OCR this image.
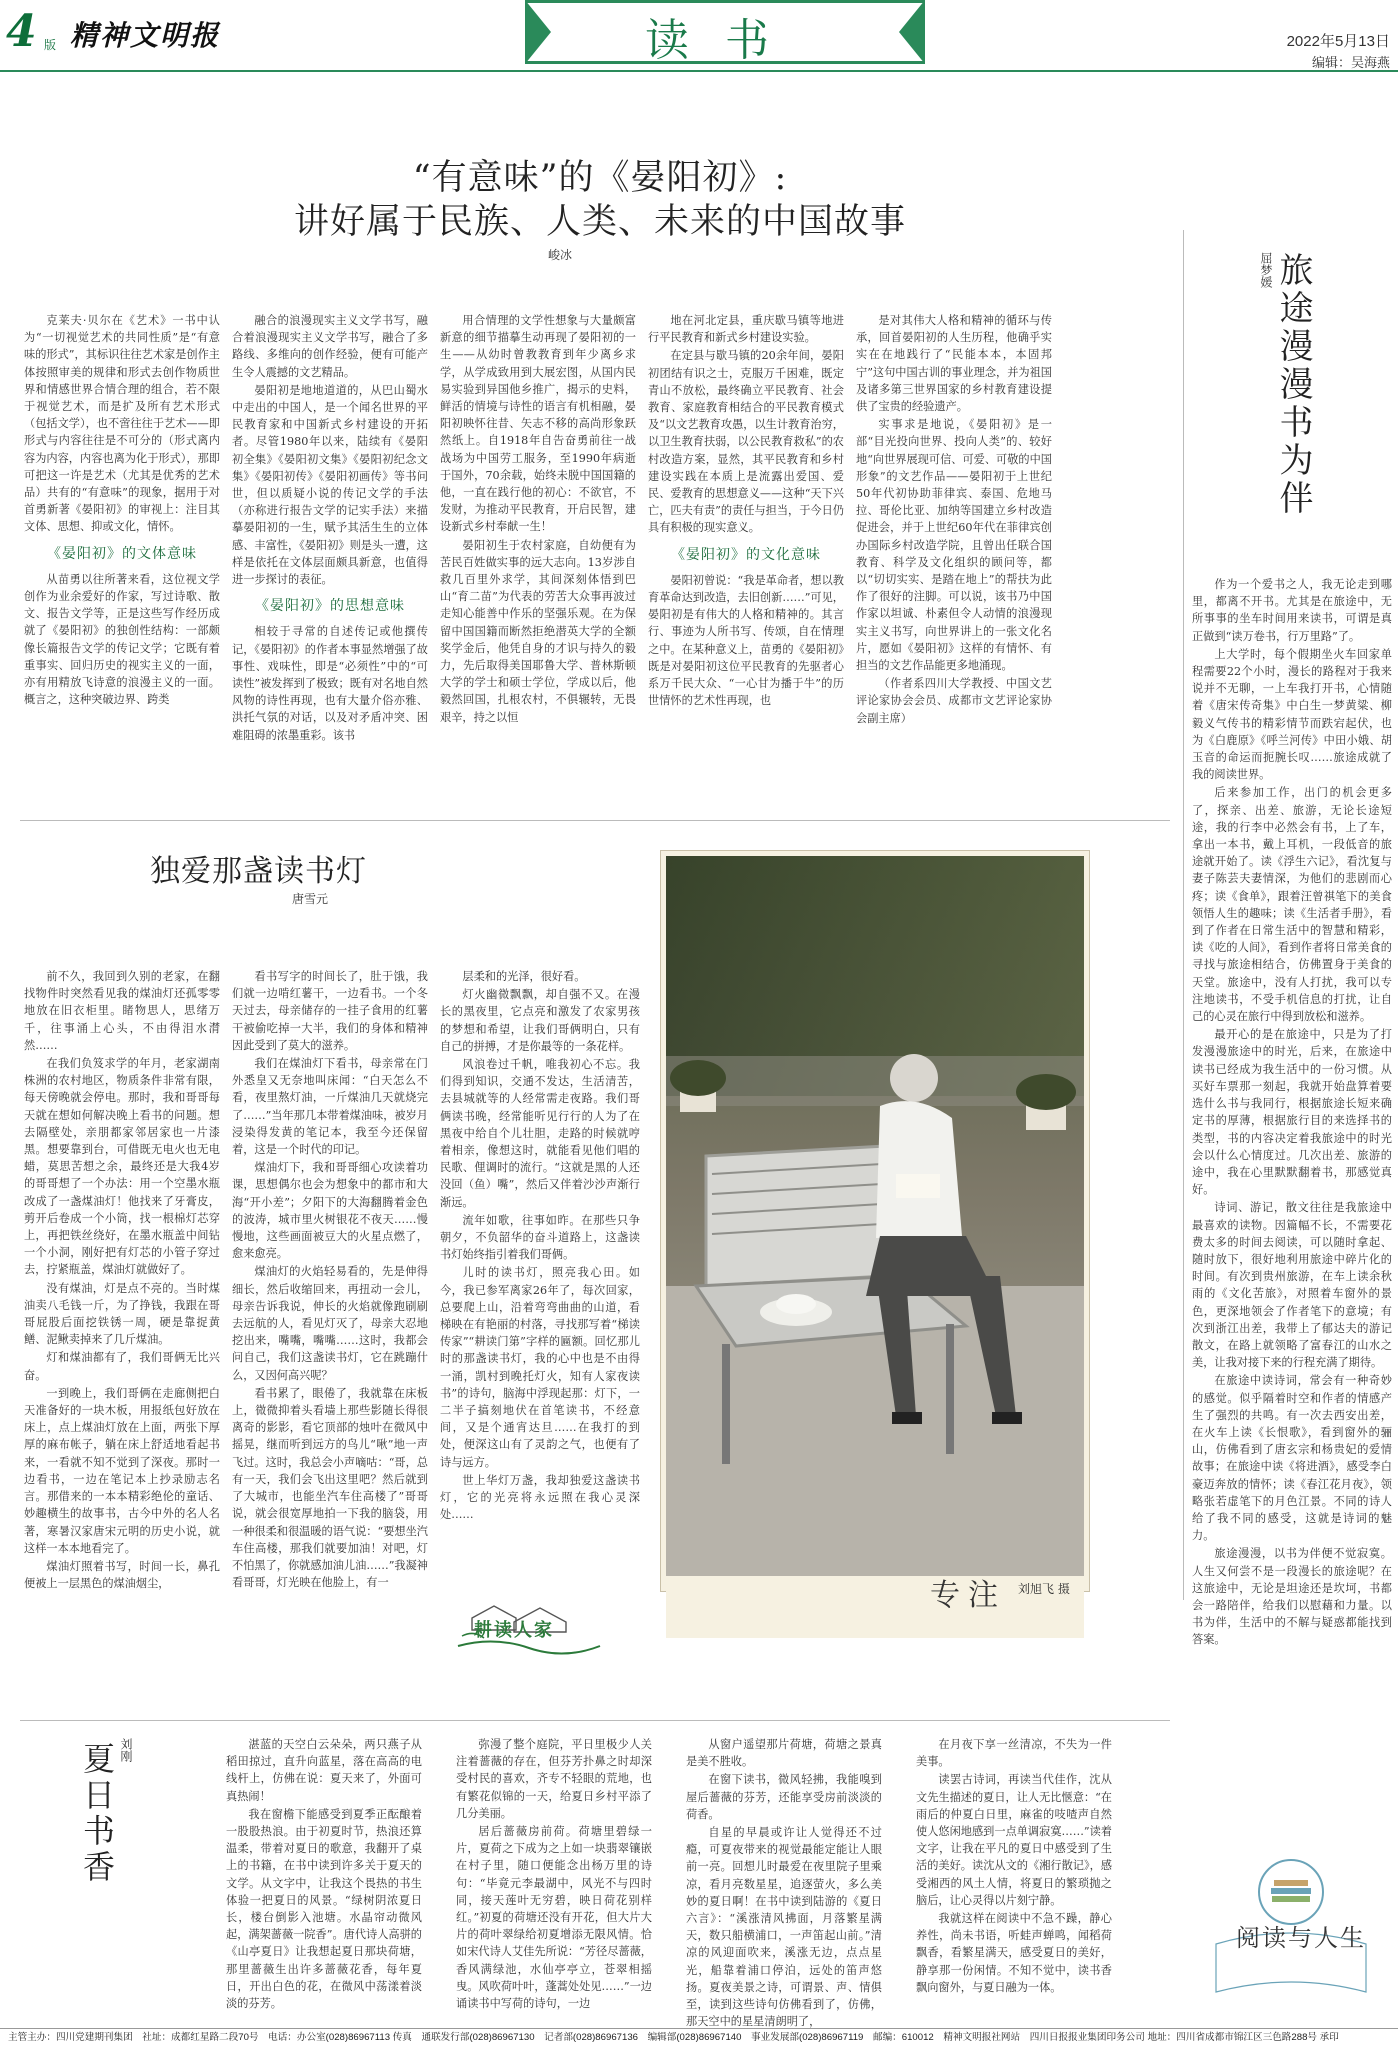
4 版 精神文明报	读书	2022年5月13日
编辑：吴海燕
“有意味”的《晏阳初》:
讲好属于民族、人类、未来的中国故事
峻冰

克莱夫·贝尔在《艺术》一书中认为“一切视觉艺术的共同性质”是“有意味的形式”，其标识往往艺术家是创作主体按照审美的规律和形式去创作物质世界和情感世界合情合理的组合，若不限于视觉艺术，而是扩及所有艺术形式（包括文学），也不啻往往于艺术——即形式与内容往往是不可分的（形式离内容为内容，内容也离为化于形式），那即可把这一许是艺术（尤其是优秀的艺术品）共有的“有意味”的现象，据用于对首勇新著《晏阳初》的审视上：注目其文体、思想、抑或文化，情怀。

《晏阳初》的文体意味

从苗勇以往所著来看，这位视文学创作为业余爱好的作家，写过诗歌、散文、报告文学等，正是这些写作经历成就了《晏阳初》的独创性结构：一部颇像长篇报告文学的传记文学；它既有着重事实、回归历史的视实主义的一面，亦有用精放飞诗意的浪漫主义的一面。概言之，这种突破边界、跨类

融合的浪漫现实主义文学书写，融合着浪漫现实主义文学书写，融合了多路线、多维向的创作经验，便有可能产生令人震撼的文艺精品。

晏阳初是地地道道的，从巴山蜀水中走出的中国人，是一个闻名世界的平民教育家和中国新式乡村建设的开拓者。尽管1980年以来，陆续有《晏阳初全集》《晏阳初文集》《晏阳初纪念文集》《晏阳初传》《晏阳初画传》等书问世，但以质疑小说的传记文学的手法（亦称进行报告文学的记实手法）来描摹晏阳初的一生，赋予其活生生的立体感、丰富性，《晏阳初》则是头一遭，这样是依托在文体层面颇具新意，也值得进一步探讨的表征。

《晏阳初》的思想意味

相较于寻常的自述传记或他撰传记，《晏阳初》的作者本事显然增强了故事性、戏味性，即是“必须性”中的“可读性”被发挥到了极致；既有对名地自然风物的诗性再现，也有大量介俗亦雅、洪托气氛的对话，以及对矛盾冲突、困难阻碍的浓墨重彩。该书

用合情理的文学性想象与大量颇富新意的细节描摹生动再现了晏阳初的一生——从幼时曾教教育到年少离乡求学，从学成致用到大展宏图，从国内民易实验到异国他乡推广，揭示的史料，鲜活的情境与诗性的语言有机相融，晏阳初映怀往昔、矢志不移的高尚形象跃然纸上。自1918年自告奋勇前往一战战场为中国劳工服务，至1990年病逝于国外，70余载，始终未脱中国国籍的他，一直在践行他的初心：不欲官，不发财，为推动平民教育，开启民智，建设新式乡村奉献一生！

晏阳初生于农村家庭，自幼便有为苦民百姓做实事的远大志向。13岁涉自救几百里外求学，其间深刻体悟到巴山“育二苗”为代表的劳苦大众事再波过走知心能善中作乐的坚强乐观。在为保留中国国籍而断然拒绝潜英大学的全额奖学金后，他凭自身的才识与持久的毅力，先后取得美国耶鲁大学、普林斯顿大学的学士和硕士学位，学成以后，他毅然回国，扎根农村，不俱辗转，无畏艰辛，持之以恒

地在河北定县，重庆歇马镇等地进行平民教育和新式乡村建设实验。

在定县与歇马镇的20余年间，晏阳初团结有识之士，克服万千困难，既定青山不放松，最终确立平民教育、社会教育、家庭教育相结合的平民教育模式及“以文艺教育攻愚，以生计教育治穷，以卫生教育扶弱，以公民教育救私”的农村改造方案，显然，其平民教育和乡村建设实践在本质上是流露出爱国、爱民、爱教育的思想意义——这种“天下兴亡，匹夫有责”的责任与担当，于今日仍具有积极的现实意义。

《晏阳初》的文化意味

晏阳初曾说：“我是革命者，想以教育革命达到改造，去旧创新……”可见，晏阳初是有伟大的人格和精神的。其言行、事迹为人所书写、传颂，自在情理之中。在某种意义上，苗勇的《晏阳初》既是对晏阳初这位平民教育的先驱者心系万千民大众、“一心甘为播于牛”的历世情怀的艺术性再现，也

是对其伟大人格和精神的循环与传承，回首晏阳初的人生历程，他确乎实实在在地践行了“民能本本，本固邦宁”这句中国古训的事业理念，并为祖国及诸多第三世界国家的乡村教育建设提供了宝贵的经验遗产。

实事求是地说，《晏阳初》是一部“目光投向世界、投向人类”的、较好地“向世界展现可信、可爱、可敬的中国形象”的文艺作品——晏阳初于上世纪50年代初协助菲律宾、泰国、危地马拉、哥伦比亚、加纳等国建立乡村改造促进会，并于上世纪60年代在菲律宾创办国际乡村改造学院，且曾出任联合国教育、科学及文化组织的顾问等，都以“切切实实、是踏在地上”的帮扶为此作了很好的注脚。可以说，该书乃中国作家以坦诚、朴素但令人动情的浪漫现实主义书写，向世界讲上的一张文化名片，愿如《晏阳初》这样的有情怀、有担当的文艺作品能更多地涌现。

（作者系四川大学教授、中国文艺评论家协会会员、成都市文艺评论家协会副主席）

独爱那盏读书灯
唐雪元

前不久，我回到久别的老家，在翻找物件时突然看见我的煤油灯还孤零零地放在旧衣柜里。睹物思人，思绪万千，往事涌上心头，不由得泪水潸然……

在我们负笈求学的年月，老家湖南株洲的农村地区，物质条件非常有限，每天傍晚就会停电。那时，我和哥哥每天就在想如何解决晚上看书的问题。想去隔壁处，亲朋都家邻居家也一片漆黑。想要靠到台，可借既无电火也无电蜡，莫思苦想之余，最终还是大我4岁的哥哥想了一个办法：用一个空墨水瓶改成了一盏煤油灯！他找来了牙膏皮，剪开后卷成一个小筒，找一根棉灯芯穿上，再把铁丝绕好，在墨水瓶盖中间钻一个小洞，刚好把有灯芯的小管子穿过去，拧紧瓶盖，煤油灯就做好了。

没有煤油，灯是点不亮的。当时煤油卖八毛钱一斤，为了挣钱，我跟在哥哥屁股后面挖铁锈一周，硬是靠捉黄鳝、泥鳅卖掉来了几斤煤油。

灯和煤油都有了，我们哥俩无比兴奋。

一到晚上，我们哥俩在走廊侧把白天准备好的一块木板，用报纸包好放在床上，点上煤油灯放在上面，两张下厚厚的麻布帐子，躺在床上舒适地看起书来，一看就不知不觉到了深夜。那时一边看书，一边在笔记本上抄录励志名言。那借来的一本本精彩绝伦的童话、妙趣横生的故事书，古今中外的名人名著，寒暑汉家唐宋元明的历史小说，就这样一本本地看完了。

煤油灯照着书写，时间一长，鼻孔便被上一层黑色的煤油烟尘，

看书写字的时间长了，肚于饿，我们就一边啃红薯干，一边看书。一个冬天过去，母亲储存的一挂子食用的红薯干被偷吃掉一大半，我们的身体和精神因此受到了莫大的滋养。

我们在煤油灯下看书，母亲常在门外悉皇又无奈地叫床闻：“白天怎么不看，夜里熬灯油，一斤煤油几天就烧完了……”当年那几本带着煤油味，被岁月浸染得发黄的笔记本，我至今还保留着，这是一个时代的印记。

煤油灯下，我和哥哥细心攻读着功课，思想偶尔也会为想象中的都市和大海“开小差”；夕阳下的大海翻腾着金色的波涛，城市里火树银花不夜天……慢慢地，这些画面被豆大的火星点燃了，愈来愈亮。

煤油灯的火焰轻易看的，先是伸得细长，然后收缩回来，再扭动一会儿，母亲告诉我说，伸长的火焰就像跑刷刷去远航的人，看见灯灭了，母亲大忍地挖出来，嘴嘴，嘴嘴……这时，我都会问自己，我们这盏读书灯，它在跳蹦什么，又因何高兴呢？

看书累了，眼倦了，我就靠在床板上，微微抑着头看墙上那些影随长得很离奇的影影，看它顶部的烛叶在微风中摇晃，继而听到远方的鸟儿“啾”地一声飞过。这时，我总会小声嘀咕：“哥，总有一天，我们会飞出这里吧？然后就到了大城市，也能坐汽车住高楼了”哥哥说，就会很宽厚地拍一下我的脑袋，用一种很柔和很温暖的语气说：“要想坐汽车住高楼，那我们就要加油！对吧，灯不怕黑了，你就感加油儿油……”我凝神看哥哥，灯光映在他脸上，有一

层柔和的光泽，很好看。

灯火幽微飘飘，却自强不又。在漫长的黑夜里，它点亮和激发了农家男孩的梦想和希望，让我们哥俩明白，只有自己的拼搏，才是你最等的一条花样。

风浪卷过千帆，唯我初心不忘。我们得到知识，交通不发达，生活清苦，去县城就等的人经常需走夜路。我们哥俩读书晚，经常能听见行行的人为了在黑夜中给自个儿壮胆，走路的时候就哼着相亲，像想这时，就能看见他们唱的民歌、俚调时的流行。“这就是黑的人还没回（鱼）嘴”，然后又伴着沙沙声渐行渐远。

流年如歌，往事如昨。在那些只争朝夕，不负韶华的奋斗道路上，这盏读书灯始终指引着我们哥俩。

儿时的读书灯，照亮我心田。如今，我已参军离家26年了，每次回家，总要爬上山，沿着弯弯曲曲的山道，看梯映在有艳丽的村落，寻找那写着“梯读传家”“耕读门第”字样的匾额。回忆那儿时的那盏读书灯，我的心中也是不由得一涌，凯村到晚托灯火，知有人家夜读书”的诗句，脑海中浮现起那：灯下，一二半子搞刻地伏在首笔读书，不经意间，又是个通宵达旦……在我打的到处，便深这山有了灵韵之气，也便有了诗与远方。

世上华灯万盏，我却独爱这盏读书灯，它的光亮将永远照在我心灵深处……

耕读人家
专注 刘旭飞 摄
旅途漫漫书为伴
屈梦媛

作为一个爱书之人，我无论走到哪里，都离不开书。尤其是在旅途中，无所事事的坐车时间用来读书，可谓是真正做到“读万卷书，行万里路”了。

上大学时，每个假期坐火车回家单程需要22个小时，漫长的路程对于我来说并不无聊，一上车我打开书，心情随着《唐宋传奇集》中白生一梦黄粱、柳毅义气传书的精彩情节而跌宕起伏，也为《白鹿原》《呼兰河传》中田小娥、胡玉音的命运而扼腕长叹……旅途成就了我的阅读世界。

后来参加工作，出门的机会更多了，探亲、出差、旅游，无论长途短途，我的行李中必然会有书，上了车，拿出一本书，戴上耳机，一段低音的旅途就开始了。读《浮生六记》，看沈复与妻子陈芸夫妻情深，为他们的悲剧而心疼；读《食单》，跟着汪曾祺笔下的美食领悟人生的趣味；读《生活者手册》，看到了作者在日常生活中的智慧和精彩，读《吃的人间》，看到作者将日常美食的寻找与旅途相结合，仿佛置身于美食的天堂。旅途中，没有人打扰，我可以专注地读书，不受手机信息的打扰，让自己的心灵在旅行中得到放松和滋养。

最开心的是在旅途中，只是为了打发漫漫旅途中的时光，后来，在旅途中读书已经成为我生活中的一份习惯。从买好车票那一刻起，我就开始盘算着要选什么书与我同行，根据旅途长短来确定书的厚薄，根据旅行目的来选择书的类型，书的内容决定着我旅途中的时光会以什么心情度过。几次出差、旅游的途中，我在心里默默翻着书，那感觉真好。

诗词、游记，散文往往是我旅途中最喜欢的读物。因篇幅不长，不需要花费太多的时间去阅读，可以随时拿起、随时放下，很好地利用旅途中碎片化的时间。有次到贵州旅游，在车上读余秋雨的《文化苦旅》，对照着车窗外的景色，更深地领会了作者笔下的意境；有次到浙江出差，我带上了郁达夫的游记散文，在路上就领略了富春江的山水之美，让我对接下来的行程充满了期待。

在旅途中读诗词，常会有一种奇妙的感觉。似乎隔着时空和作者的情感产生了强烈的共鸣。有一次去西安出差，在火车上读《长恨歌》，看到窗外的骊山，仿佛看到了唐玄宗和杨贵妃的爱情故事；在旅途中读《将进酒》，感受李白豪迈奔放的情怀；读《春江花月夜》，领略张若虚笔下的月色江景。不同的诗人给了我不同的感受，这就是诗词的魅力。

旅途漫漫，以书为伴便不觉寂寞。人生又何尝不是一段漫长的旅途呢？在这旅途中，无论是坦途还是坎坷，书都会一路陪伴，给我们以慰藉和力量。以书为伴，生活中的不解与疑惑都能找到答案。

夏日书香 刘刚	湛蓝的天空白云朵朵，两只燕子从稻田掠过，直升向蓝星，落在高高的电线杆上，仿佛在说：夏天来了，外面可真热闹！

我在窗檐下能感受到夏季正酝酿着一股股热浪。由于初夏时节，热浪还算温柔，带着对夏日的歌意，我翻开了桌上的书籍，在书中读到许多关于夏天的文学。从文字中，让我这个畏热的书生体验一把夏日的风景。“绿树阴浓夏日长，楼台倒影入池塘。水晶帘动微风起，满架蔷薇一院香”。唐代诗人高骈的《山亭夏日》让我想起夏日那块荷塘，那里蔷薇生出许多蔷薇花香，每年夏日，开出白色的花，在微风中荡漾着淡淡的芬芳。

弥漫了整个庭院，平日里极少人关注着蔷薇的存在，但芬芳扑鼻之时却深受村民的喜欢，齐专不轻眼的荒地，也有繁花似锦的一天，给夏日乡村平添了几分美丽。

居后蔷薇房前荷。荷塘里碧绿一片，夏荷之下成为之上如一块翡翠镶嵌在村子里，随口便能念出杨万里的诗句：“毕竟元李最湖中，风光不与四时同，接天莲叶无穷碧，映日荷花别样红。”初夏的荷塘还没有开花，但大片大片的荷叶翠绿给初夏增添无限风情。恰如宋代诗人艾佳先所说：“芳径尽蔷薇，香风满绿池，水仙亭亭立，苍翠相摇曳。风吹荷叶叶，蓬蒿处处见……”一边诵读书中写荷的诗句，一边

从窗户遥望那片荷塘，荷塘之景真是美不胜收。

在窗下读书，微风轻拂，我能嗅到屋后蔷薇的芬芳，还能享受房前淡淡的荷香。

自星的早晨或许让人觉得还不过瘾，可夏夜带来的视觉最能定能让人眼前一亮。回想儿时最爱在夜里院子里乘凉，看月亮数星星，追逐萤火，多么美妙的夏日啊！在书中读到陆游的《夏日六言》：“溪涨清风拂面，月落繁星满天，数只船横浦口，一声笛起山前。”清凉的风迎面吹来，溪涨无边，点点星光，船靠着浦口停泊，远处的笛声悠扬。夏夜美景之诗，可谓景、声、情俱至，读到这些诗句仿佛看到了，仿佛，那天空中的星星清朗明了，

在月夜下享一丝清凉，不失为一件美事。

读罢古诗词，再读当代佳作，沈从文先生描述的夏日，让人无比惬意：“在雨后的仲夏白日里，麻雀的吱喳声自然使人悠闲地感到一点单调寂寞……”读着文字，让我在平凡的夏日中感受到了生活的美好。读沈从文的《湘行散记》，感受湘西的风土人情，将夏日的繁琐抛之脑后，让心灵得以片刻宁静。

我就这样在阅读中不急不躁，静心养性，尚未书语，听蛙声蝉鸣，闻稻荷飘香，看繁星满天，感受夏日的美好，静享那一份闲情。不知不觉中，读书香飘向窗外，与夏日融为一体。

阅读与人生
主管主办：四川党建期刊集团　社址：成都红星路二段70号　电话：办公室(028)86967113 传真　通联发行部(028)86967130　记者部(028)86967136　编辑部(028)86967140　事业发展部(028)86967119　邮编：610012　精神文明报社网站　四川日报报业集团印务公司 地址：四川省成都市锦江区三色路288号 承印
